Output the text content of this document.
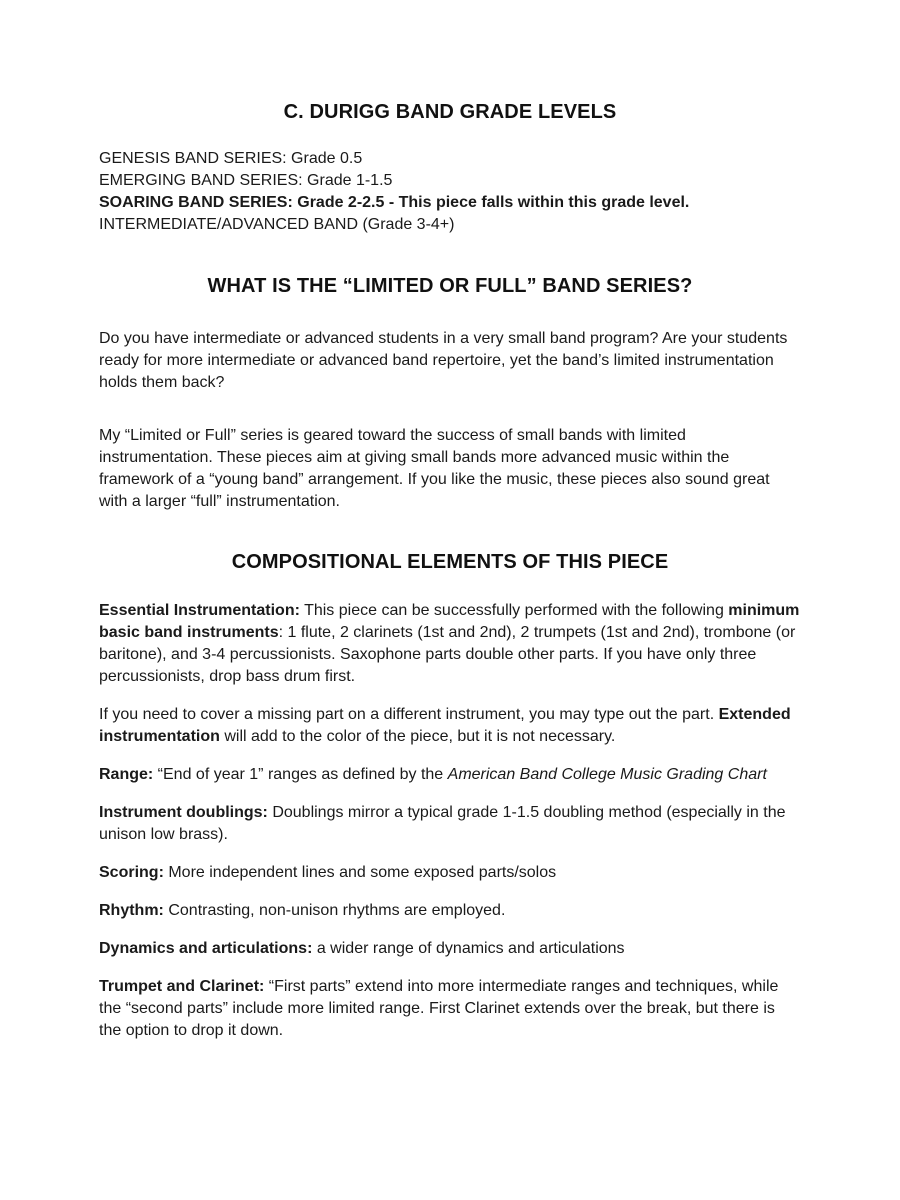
C. DURIGG BAND GRADE LEVELS

GENESIS BAND SERIES: Grade 0.5

EMERGING BAND SERIES: Grade 1-1.5

SOARING BAND SERIES: Grade 2-2.5 - This piece falls within this grade level.

INTERMEDIATE/ADVANCED BAND (Grade 3-4+)

WHAT IS THE “LIMITED OR FULL” BAND SERIES?

Do you have intermediate or advanced students in a very small band program? Are your students ready for more intermediate or advanced band repertoire, yet the band’s limited instrumentation holds them back?

My “Limited or Full” series is geared toward the success of small bands with limited instrumentation. These pieces aim at giving small bands more advanced music within the framework of a “young band” arrangement. If you like the music, these pieces also sound great with a larger “full” instrumentation.

COMPOSITIONAL ELEMENTS OF THIS PIECE

Essential Instrumentation: This piece can be successfully performed with the following minimum basic band instruments: 1 flute, 2 clarinets (1st and 2nd), 2 trumpets (1st and 2nd), trombone (or baritone), and 3-4 percussionists. Saxophone parts double other parts. If you have only three percussionists, drop bass drum first.

If you need to cover a missing part on a different instrument, you may type out the part. Extended instrumentation will add to the color of the piece, but it is not necessary.

Range: “End of year 1” ranges as defined by the American Band College Music Grading Chart

Instrument doublings: Doublings mirror a typical grade 1-1.5 doubling method (especially in the unison low brass).

Scoring: More independent lines and some exposed parts/solos

Rhythm: Contrasting, non-unison rhythms are employed.

Dynamics and articulations: a wider range of dynamics and articulations

Trumpet and Clarinet: “First parts” extend into more intermediate ranges and techniques, while the “second parts” include more limited range. First Clarinet extends over the break, but there is the option to drop it down.
